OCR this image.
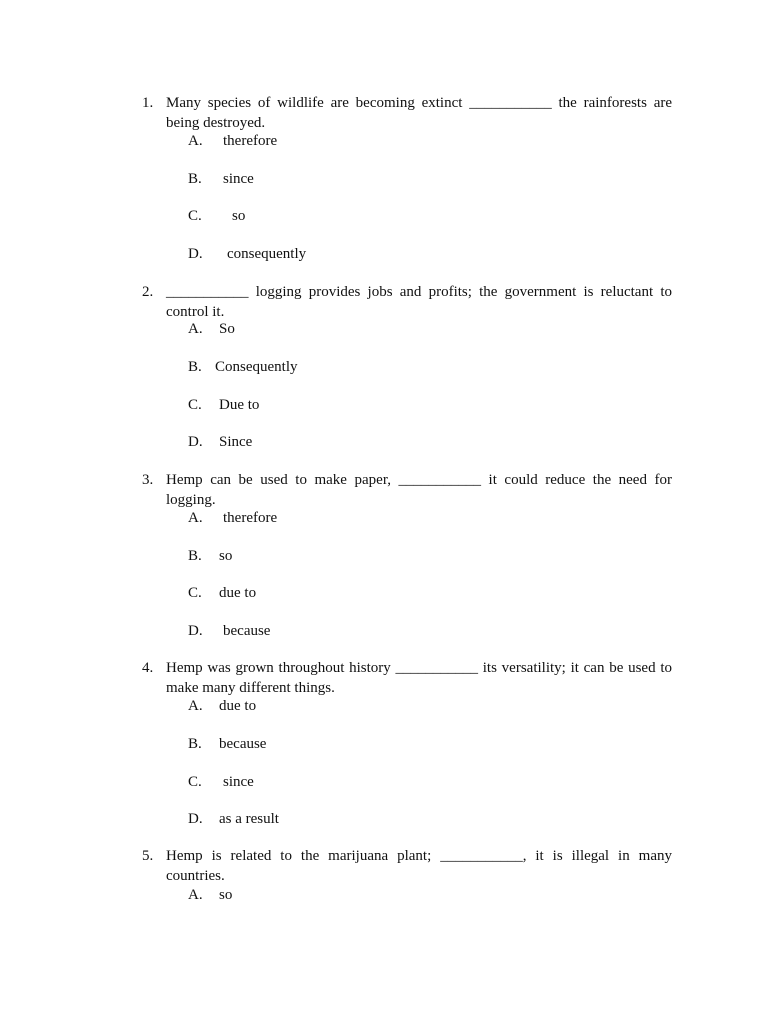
1. Many species of wildlife are becoming extinct ___________ the rainforests are being destroyed.
A. therefore
B. since
C. so
D. consequently
2. ___________ logging provides jobs and profits; the government is reluctant to control it.
A. So
B. Consequently
C. Due to
D. Since
3. Hemp can be used to make paper, ___________ it could reduce the need for logging.
A. therefore
B. so
C. due to
D. because
4. Hemp was grown throughout history ___________ its versatility; it can be used to make many different things.
A. due to
B. because
C. since
D. as a result
5. Hemp is related to the marijuana plant; ___________, it is illegal in many countries.
A. so
